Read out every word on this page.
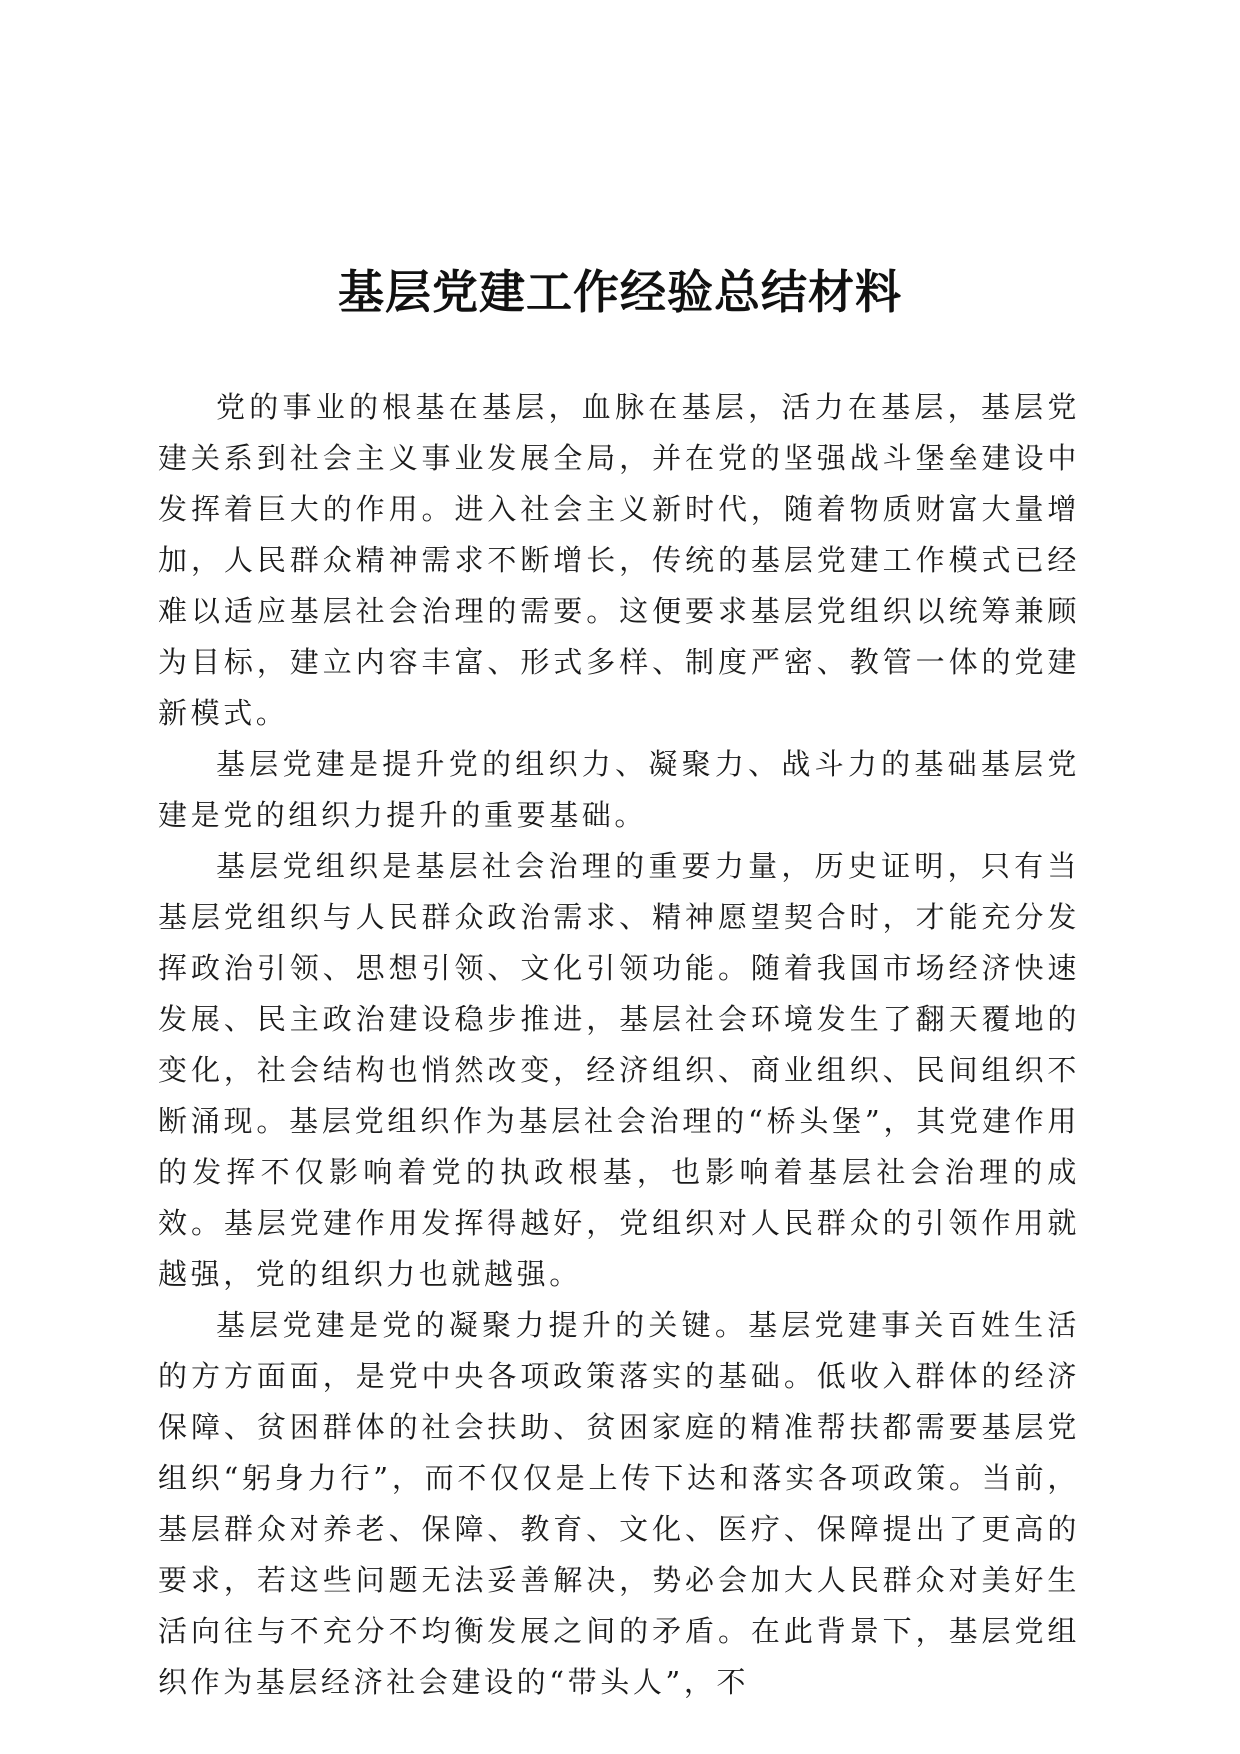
基层党建工作经验总结材料

党的事业的根基在基层，血脉在基层，活力在基层，基层党建关系到社会主义事业发展全局，并在党的坚强战斗堡垒建设中发挥着巨大的作用。进入社会主义新时代，随着物质财富大量增加，人民群众精神需求不断增长，传统的基层党建工作模式已经难以适应基层社会治理的需要。这便要求基层党组织以统筹兼顾为目标，建立内容丰富、形式多样、制度严密、教管一体的党建新模式。

基层党建是提升党的组织力、凝聚力、战斗力的基础基层党建是党的组织力提升的重要基础。

基层党组织是基层社会治理的重要力量，历史证明，只有当基层党组织与人民群众政治需求、精神愿望契合时，才能充分发挥政治引领、思想引领、文化引领功能。随着我国市场经济快速发展、民主政治建设稳步推进，基层社会环境发生了翻天覆地的变化，社会结构也悄然改变，经济组织、商业组织、民间组织不断涌现。基层党组织作为基层社会治理的“桥头堡”，其党建作用的发挥不仅影响着党的执政根基，也影响着基层社会治理的成效。基层党建作用发挥得越好，党组织对人民群众的引领作用就越强，党的组织力也就越强。

基层党建是党的凝聚力提升的关键。基层党建事关百姓生活的方方面面，是党中央各项政策落实的基础。低收入群体的经济保障、贫困群体的社会扶助、贫困家庭的精准帮扶都需要基层党组织“躬身力行”，而不仅仅是上传下达和落实各项政策。当前，基层群众对养老、保障、教育、文化、医疗、保障提出了更高的要求，若这些问题无法妥善解决，势必会加大人民群众对美好生活向往与不充分不均衡发展之间的矛盾。在此背景下，基层党组织作为基层经济社会建设的“带头人”，不
